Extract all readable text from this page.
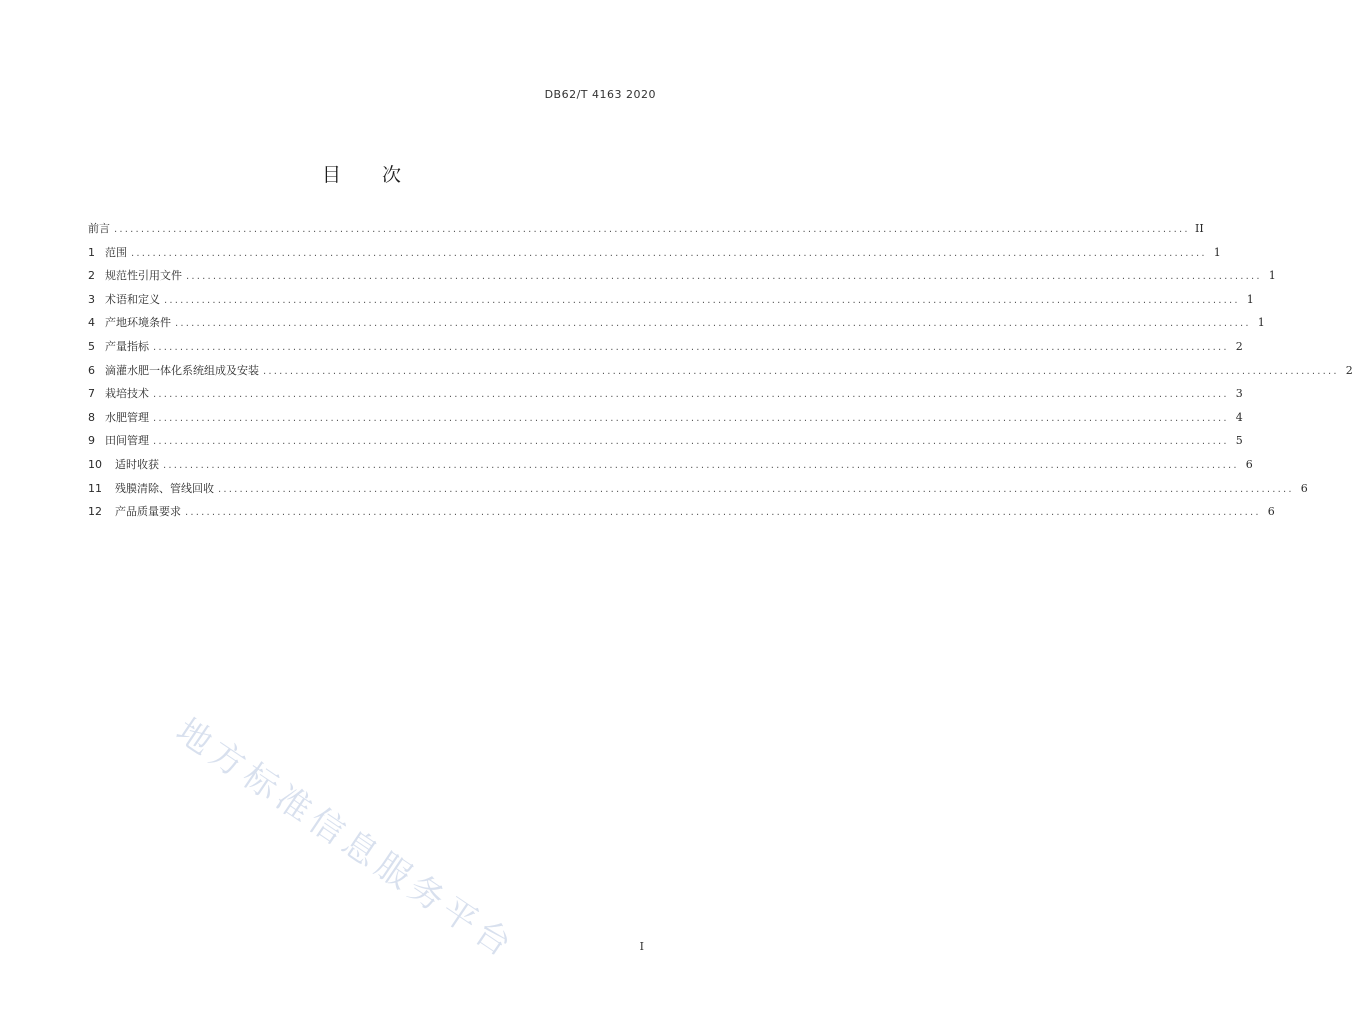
DB62/T 4163 2020
目 次
前言 ........................................................................................................................................................................................................ II
1 范围 ........................................................................................................................................................................................................ 1
2 规范性引用文件 ........................................................................................................................................................................................................ 1
3 术语和定义 ........................................................................................................................................................................................................ 1
4 产地环境条件 ........................................................................................................................................................................................................ 1
5 产量指标 ........................................................................................................................................................................................................ 2
6 滴灌水肥一体化系统组成及安装 ........................................................................................................................................................................................................ 2
7 栽培技术 ........................................................................................................................................................................................................ 3
8 水肥管理 ........................................................................................................................................................................................................ 4
9 田间管理 ........................................................................................................................................................................................................ 5
10 适时收获 ........................................................................................................................................................................................................ 6
11 残膜清除、管线回收 ........................................................................................................................................................................................................ 6
12 产品质量要求 ........................................................................................................................................................................................................ 6
地方标准信息服务平台	I
